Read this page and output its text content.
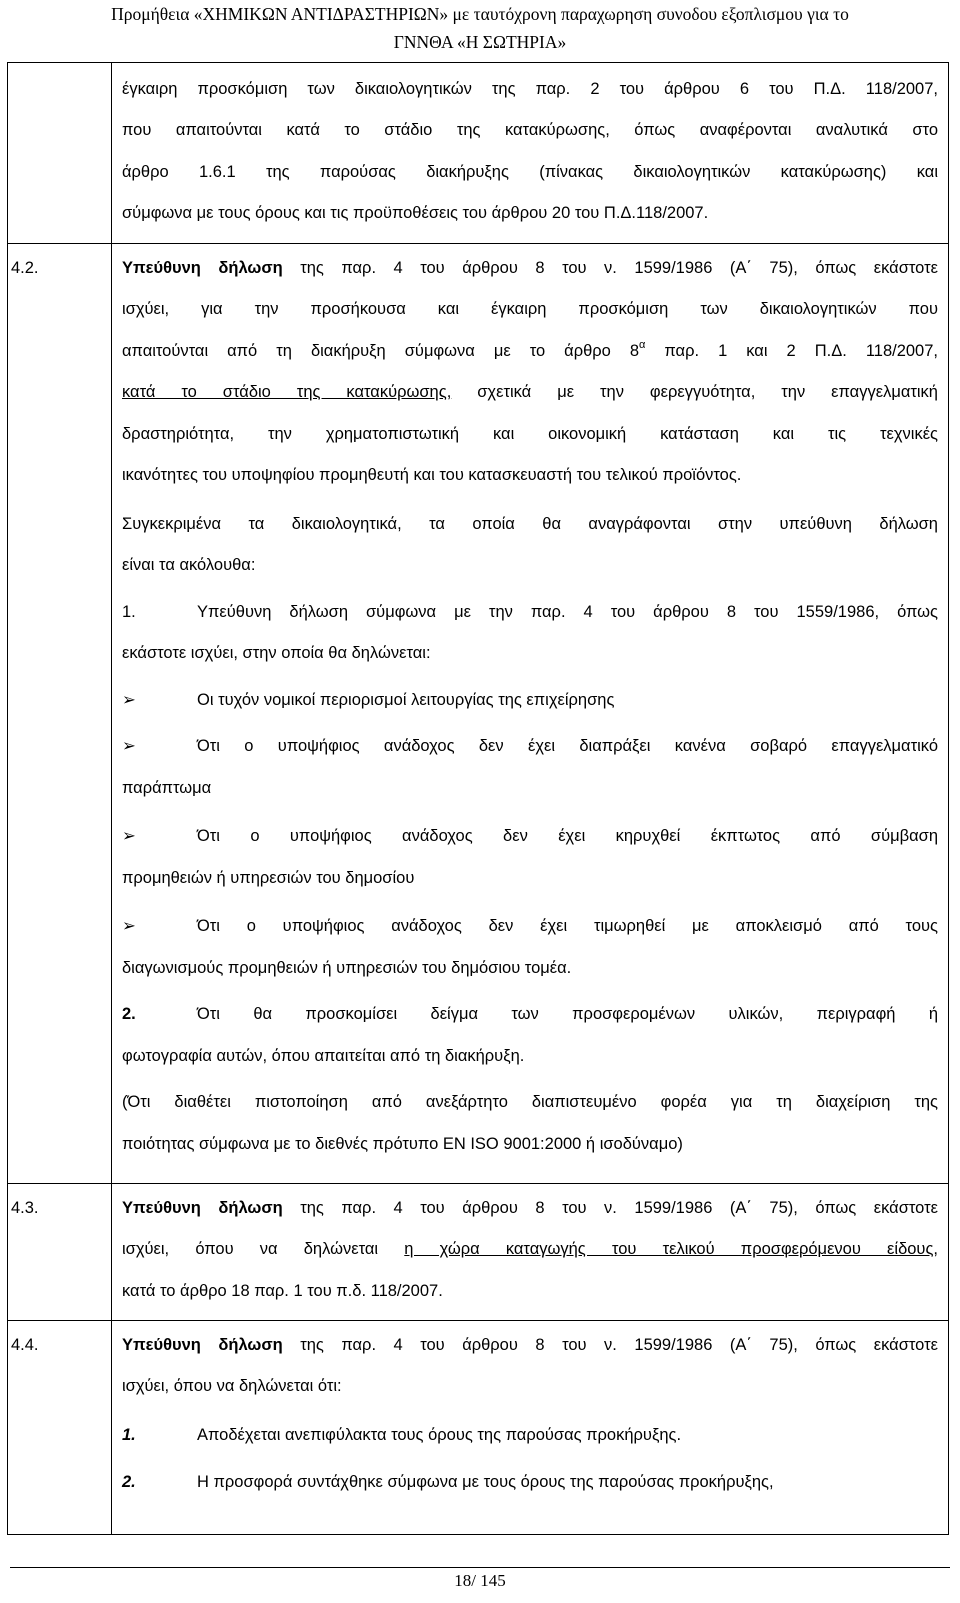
Προμήθεια «ΧΗΜΙΚΩΝ ΑΝΤΙΔΡΑΣΤΗΡΙΩΝ» με ταυτόχρονη παραχωρηση συνοδου εξοπλισμου για το
ΓΝΝΘΑ «Η ΣΩΤΗΡΙΑ»
έγκαιρη προσκόμιση των δικαιολογητικών της παρ. 2 του άρθρου 6 του Π.Δ. 118/2007,
που απαιτούνται κατά το στάδιο της κατακύρωσης, όπως αναφέρονται αναλυτικά στο
άρθρο 1.6.1 της παρούσας διακήρυξης (πίνακας δικαιολογητικών κατακύρωσης) και
σύμφωνα με τους όρους και τις προϋποθέσεις του άρθρου 20 του Π.Δ.118/2007.
4.2.	Υπεύθυνη δήλωση της παρ. 4 του άρθρου 8 του ν. 1599/1986 (Α΄ 75), όπως εκάστοτε
ισχύει, για την προσήκουσα και έγκαιρη προσκόμιση των δικαιολογητικών που
απαιτούνται από τη διακήρυξη σύμφωνα με το άρθρο $8^\alpha$ παρ. 1 και 2 Π.Δ. 118/2007,
κατά το στάδιο της κατακύρωσης, σχετικά με την φερεγγυότητα, την επαγγελματική
δραστηριότητα, την χρηματοπιστωτική και οικονομική κατάσταση και τις τεχνικές
ικανότητες του υποψηφίου προμηθευτή και του κατασκευαστή του τελικού προϊόντος.
Συγκεκριμένα τα δικαιολογητικά, τα οποία θα αναγράφονται στην υπεύθυνη δήλωση
είναι τα ακόλουθα:
1.	Υπεύθυνη δήλωση σύμφωνα με την παρ. 4 του άρθρου 8 του 1559/1986, όπως
εκάστοτε ισχύει, στην οποία θα δηλώνεται:
➢	Οι τυχόν νομικοί περιορισμοί λειτουργίας της επιχείρησης
➢	Ότι ο υποψήφιος ανάδοχος δεν έχει διαπράξει κανένα σοβαρό επαγγελματικό
παράπτωμα
➢	Ότι ο υποψήφιος ανάδοχος δεν έχει κηρυχθεί έκπτωτος από σύμβαση
προμηθειών ή υπηρεσιών του δημοσίου
➢	Ότι ο υποψήφιος ανάδοχος δεν έχει τιμωρηθεί με αποκλεισμό από τους
διαγωνισμούς προμηθειών ή υπηρεσιών του δημόσιου τομέα.
2.	Ότι θα προσκομίσει δείγμα των προσφερομένων υλικών, περιγραφή ή
φωτογραφία αυτών, όπου απαιτείται από τη διακήρυξη.
(Ότι διαθέτει πιστοποίηση από ανεξάρτητο διαπιστευμένο φορέα για τη διαχείριση της
ποιότητας σύμφωνα με το διεθνές πρότυπο EN ISO 9001:2000 ή ισοδύναμο)
4.3.	Υπεύθυνη δήλωση της παρ. 4 του άρθρου 8 του ν. 1599/1986 (Α΄ 75), όπως εκάστοτε
ισχύει, όπου να δηλώνεται η χώρα καταγωγής του τελικού προσφερόμενου είδους,
κατά το άρθρο 18 παρ. 1 του π.δ. 118/2007.
4.4.	Υπεύθυνη δήλωση της παρ. 4 του άρθρου 8 του ν. 1599/1986 (Α΄ 75), όπως εκάστοτε
ισχύει, όπου να δηλώνεται ότι:
1.	Αποδέχεται ανεπιφύλακτα τους όρους της παρούσας προκήρυξης.
2.	Η προσφορά συντάχθηκε σύμφωνα με τους όρους της παρούσας προκήρυξης,
18/ 145
